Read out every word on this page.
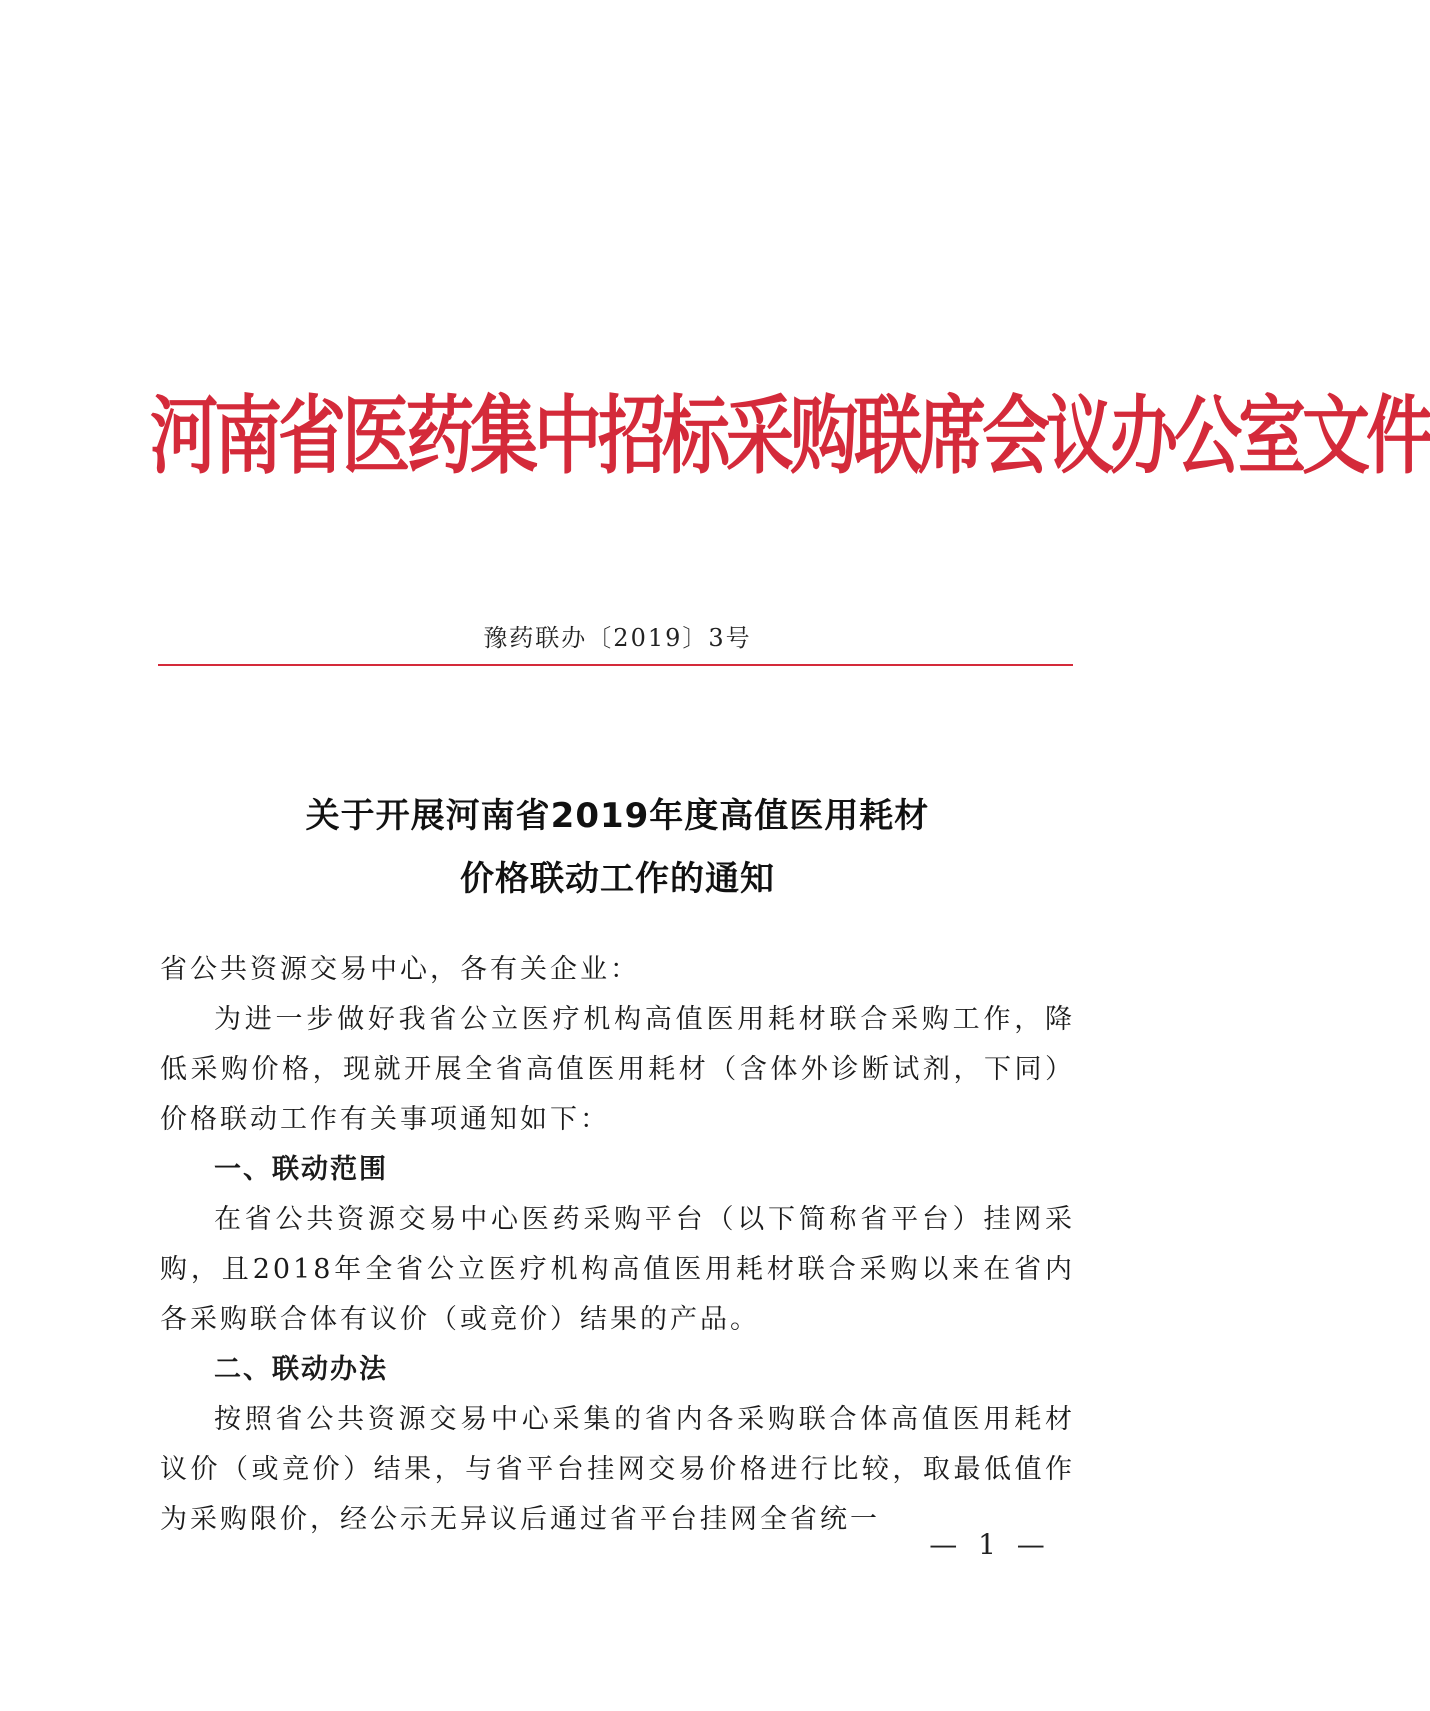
河南省医药集中招标采购联席会议办公室文件
豫药联办〔2019〕3号
关于开展河南省2019年度高值医用耗材
价格联动工作的通知

省公共资源交易中心，各有关企业：

为进一步做好我省公立医疗机构高值医用耗材联合采购工作，降低采购价格，现就开展全省高值医用耗材（含体外诊断试剂，下同）价格联动工作有关事项通知如下：

一、联动范围

在省公共资源交易中心医药采购平台（以下简称省平台）挂网采购，且2018年全省公立医疗机构高值医用耗材联合采购以来在省内各采购联合体有议价（或竞价）结果的产品。

二、联动办法

按照省公共资源交易中心采集的省内各采购联合体高值医用耗材议价（或竞价）结果，与省平台挂网交易价格进行比较，取最低值作为采购限价，经公示无异议后通过省平台挂网全省统一

— 1 —
